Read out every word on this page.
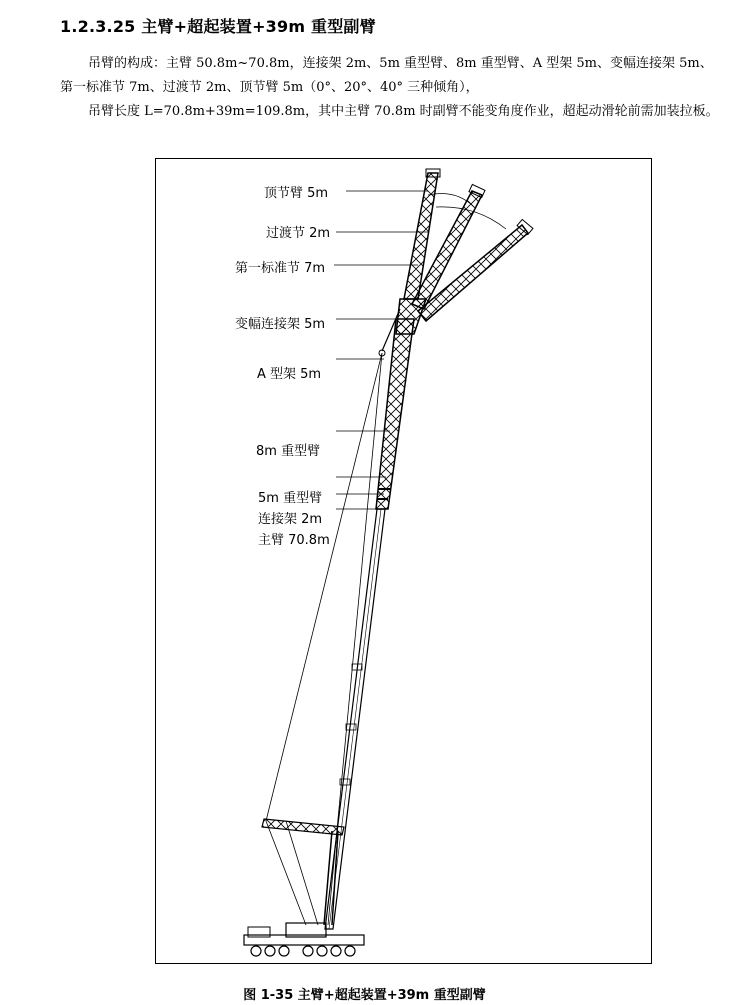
1.2.3.25 主臂+超起装置+39m 重型副臂
吊臂的构成：主臂 50.8m~70.8m，连接架 2m、5m 重型臂、8m 重型臂、A 型架 5m、变幅连接架 5m、第一标准节 7m、过渡节 2m、顶节臂 5m（0°、20°、40° 三种倾角），
吊臂长度 L=70.8m+39m=109.8m，其中主臂 70.8m 时副臂不能变角度作业，超起动滑轮前需加装拉板。
顶节臂 5m
过渡节 2m
第一标准节 7m
变幅连接架 5m
A 型架 5m
8m 重型臂
5m 重型臂
连接架 2m
主臂 70.8m
图 1-35 主臂+超起装置+39m 重型副臂
